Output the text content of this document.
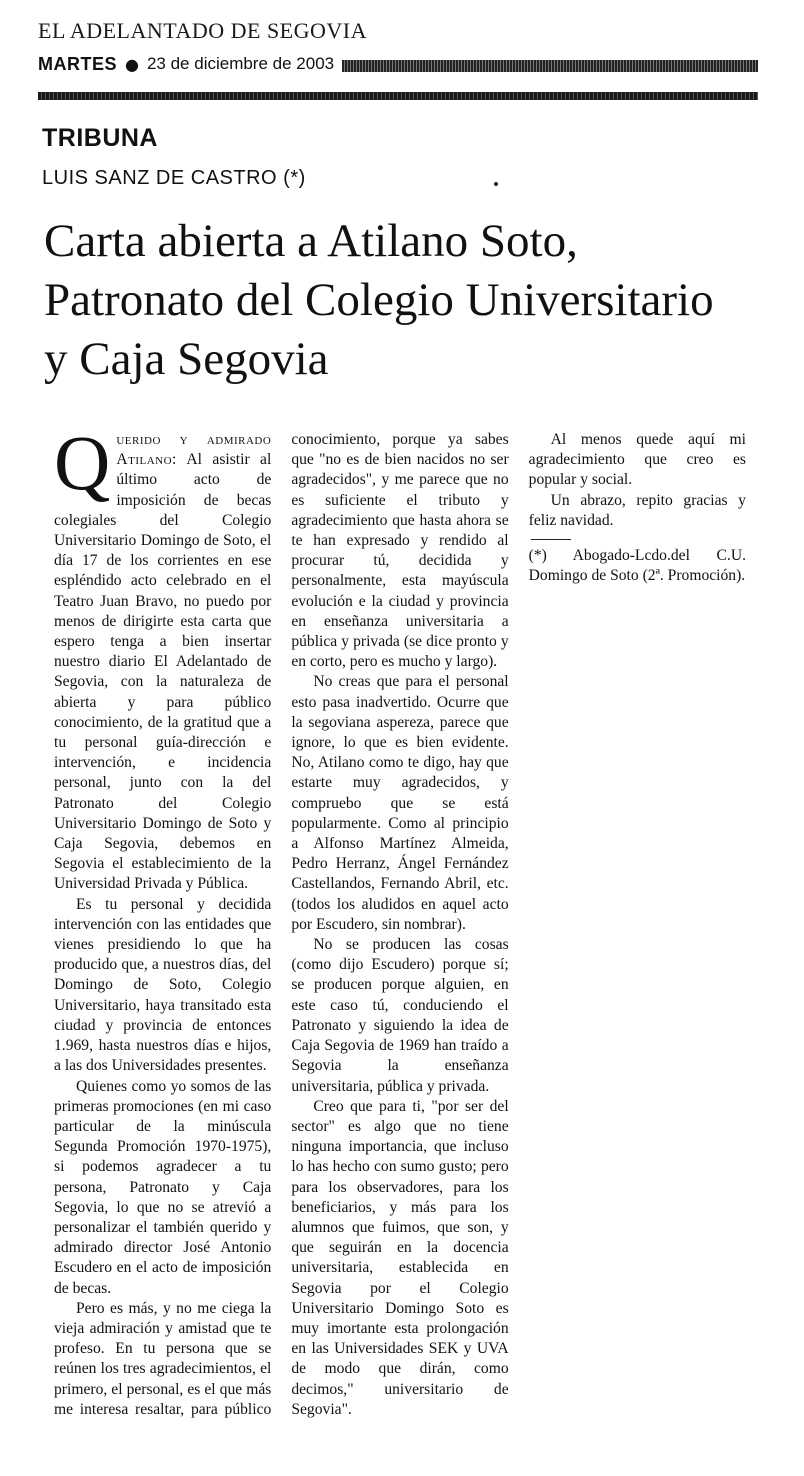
EL ADELANTADO DE SEGOVIA
MARTES ● 23 de diciembre de 2003
TRIBUNA
LUIS SANZ DE CASTRO (*)
Carta abierta a Atilano Soto, Patronato del Colegio Universitario y Caja Segovia

Querido y admirado Atilano: Al asistir al último acto de imposición de becas colegiales del Colegio Universitario Domingo de Soto, el día 17 de los corrientes en ese espléndido acto celebrado en el Teatro Juan Bravo, no puedo por menos de dirigirte esta carta que espero tenga a bien insertar nuestro diario El Adelantado de Segovia, con la naturaleza de abierta y para público conocimiento, de la gratitud que a tu personal guía-dirección e intervención, e incidencia personal, junto con la del Patronato del Colegio Universitario Domingo de Soto y Caja Segovia, debemos en Segovia el establecimiento de la Universidad Privada y Pública.

Es tu personal y decidida intervención con las entidades que vienes presidiendo lo que ha producido que, a nuestros días, del Domingo de Soto, Colegio Universitario, haya transitado esta ciudad y provincia de entonces 1.969, hasta nuestros días e hijos, a las dos Universidades presentes.

Quienes como yo somos de las primeras promociones (en mi caso particular de la minúscula Segunda Promoción 1970-1975), si podemos agradecer a tu persona, Patronato y Caja Segovia, lo que no se atrevió a personalizar el también querido y admirado director José Antonio Escudero en el acto de imposición de becas.

Pero es más, y no me ciega la vieja admiración y amistad que te profeso. En tu persona que se reúnen los tres agradecimientos, el primero, el personal, es el que más me interesa resaltar, para público conocimiento, porque ya sabes que "no es de bien nacidos no ser agradecidos", y me parece que no es suficiente el tributo y agradecimiento que hasta ahora se te han expresado y rendido al procurar tú, decidida y personalmente, esta mayúscula evolución e la ciudad y provincia en enseñanza universitaria a pública y privada (se dice pronto y en corto, pero es mucho y largo).

No creas que para el personal esto pasa inadvertido. Ocurre que la segoviana aspereza, parece que ignore, lo que es bien evidente. No, Atilano como te digo, hay que estarte muy agradecidos, y compruebo que se está popularmente. Como al principio a Alfonso Martínez Almeida, Pedro Herranz, Ángel Fernández Castellandos, Fernando Abril, etc.(todos los aludidos en aquel acto por Escudero, sin nombrar).

No se producen las cosas (como dijo Escudero) porque sí; se producen porque alguien, en este caso tú, conduciendo el Patronato y siguiendo la idea de Caja Segovia de 1969 han traído a Segovia la enseñanza universitaria, pública y privada.

Creo que para ti, "por ser del sector" es algo que no tiene ninguna importancia, que incluso lo has hecho con sumo gusto; pero para los observadores, para los beneficiarios, y más para los alumnos que fuimos, que son, y que seguirán en la docencia universitaria, establecida en Segovia por el Colegio Universitario Domingo Soto es muy imortante esta prolongación en las Universidades SEK y UVA de modo que dirán, como decimos," universitario de Segovia".

Al menos quede aquí mi agradecimiento que creo es popular y social.

Un abrazo, repito gracias y feliz navidad.

(*) Abogado-Lcdo.del C.U. Domingo de Soto (2ª. Promoción).
